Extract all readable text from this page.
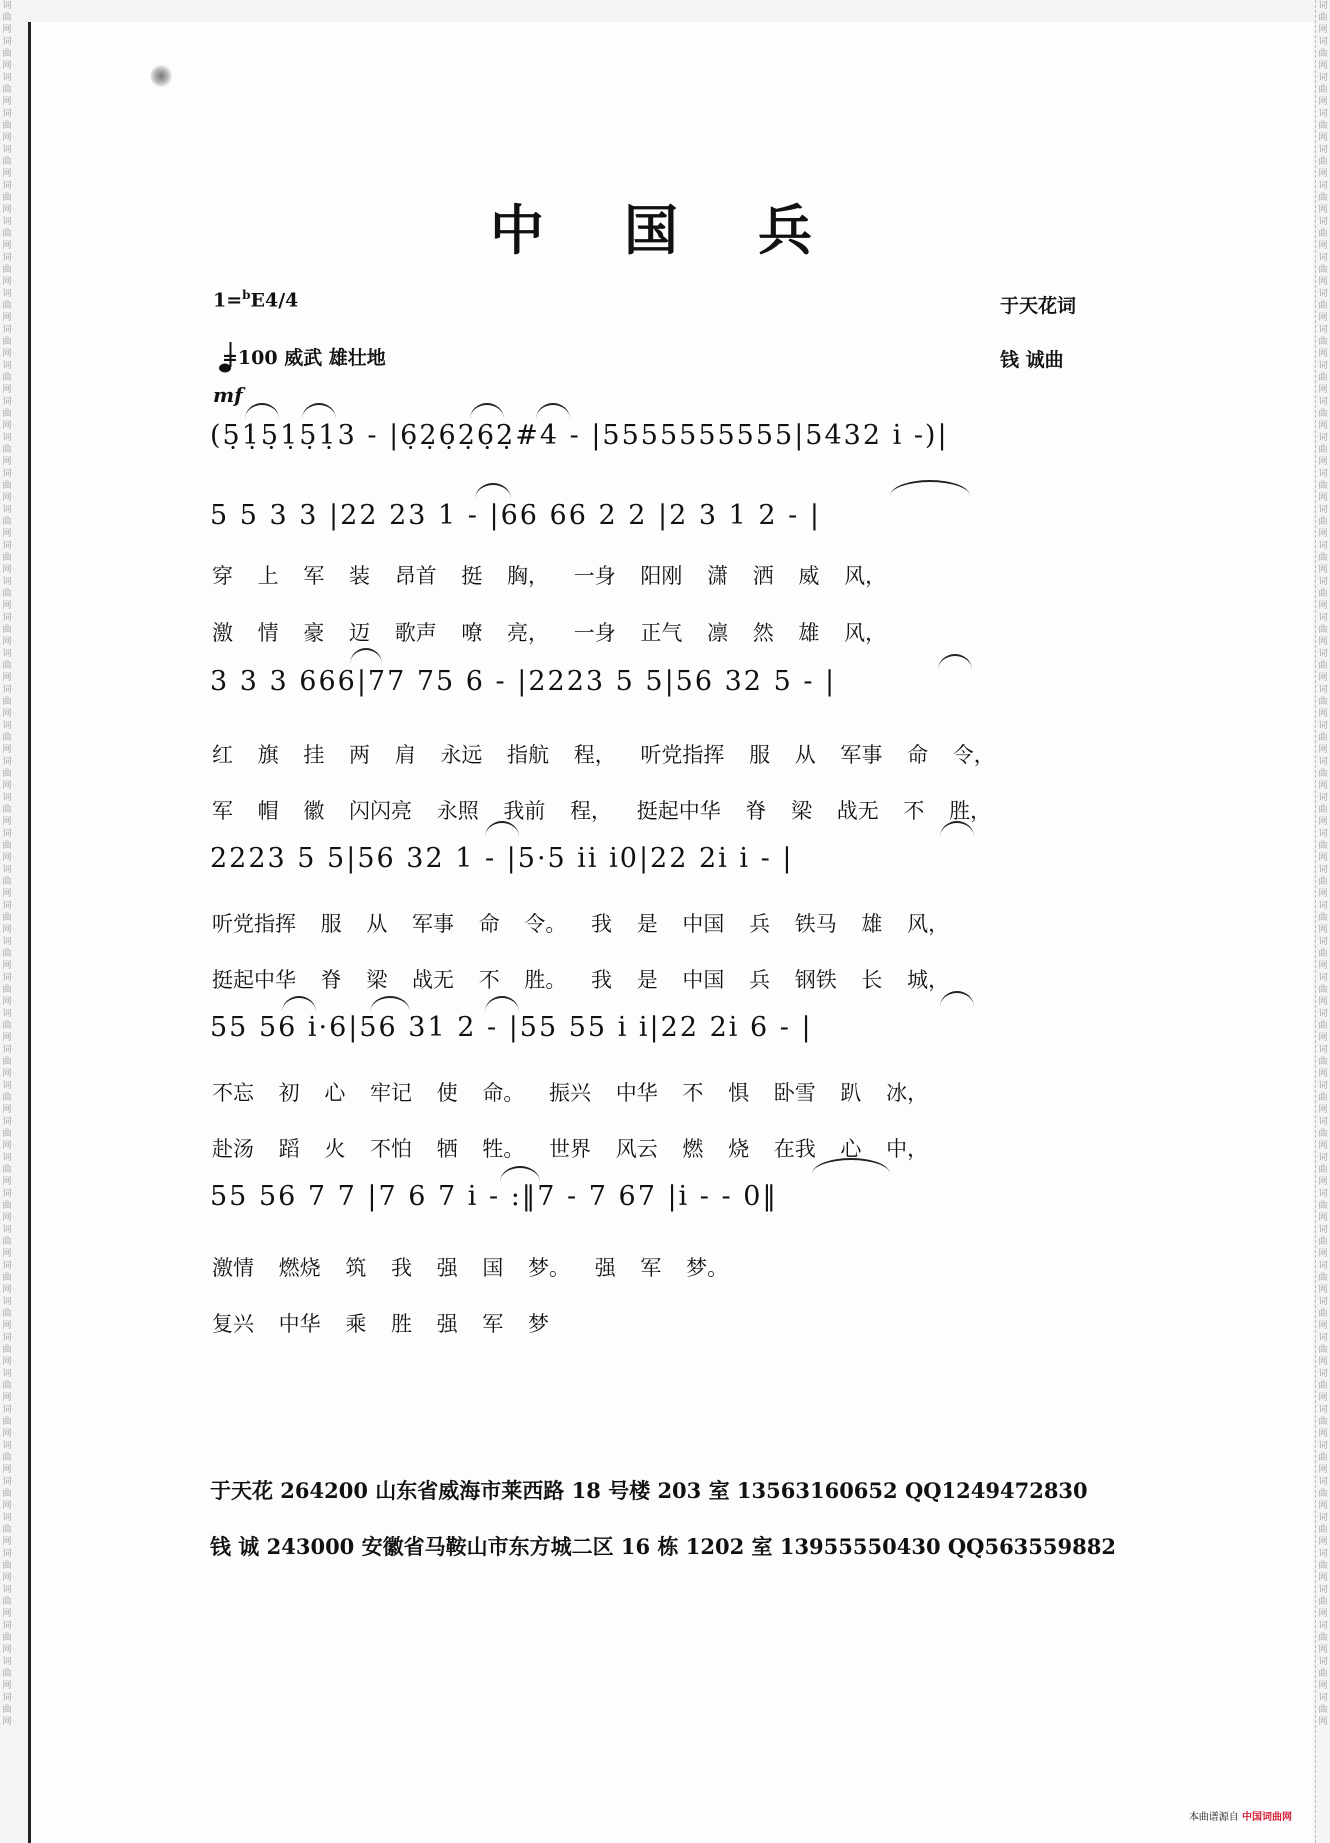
词曲网词曲网词曲网词曲网词曲网词曲网词曲网词曲网词曲网词曲网词曲网词曲网词曲网词曲网词曲网词曲网词曲网词曲网词曲网词曲网词曲网词曲网词曲网词曲网词曲网词曲网词曲网词曲网词曲网词曲网词曲网词曲网词曲网词曲网词曲网词曲网词曲网词曲网词曲网词曲网词曲网词曲网词曲网词曲网词曲网词曲网词曲网词曲网
词曲网词曲网词曲网词曲网词曲网词曲网词曲网词曲网词曲网词曲网词曲网词曲网词曲网词曲网词曲网词曲网词曲网词曲网词曲网词曲网词曲网词曲网词曲网词曲网词曲网词曲网词曲网词曲网词曲网词曲网词曲网词曲网词曲网词曲网词曲网词曲网词曲网词曲网词曲网词曲网词曲网词曲网词曲网词曲网词曲网词曲网词曲网词曲网
中国兵
1=$^b$E4/4
=100 威武 雄壮地
于天花词
钱 诚曲
mf
(5̣1̣5̣1̣5̣1̣3 - |6̣2̣6̣2̣6̣2̣#4 - |5555555555|5432 i -)|
5 5 3 3 |22 23 1 - |66 66 2 2 |2 3 1 2 - |
3 3 3 666|77 75 6 - |2223 5 5|56 32 5 - |
2223 5 5|56 32 1 - |5·5 ii i0|22 2i i - |
55 56 i·6|56 31 2 - |55 55 i i|22 2i 6 - |
55 56 7 7 |7 6 7 i - :‖7 - 7 67 |i - - 0‖
穿 上 军 装 昂首 挺 胸， 一身 阳刚 潇 洒 威 风，
激 情 豪 迈 歌声 嘹 亮， 一身 正气 凛 然 雄 风，
红 旗 挂 两 肩 永远 指航 程， 听党指挥 服 从 军事 命 令，
军 帽 徽 闪闪亮 永照 我前 程， 挺起中华 脊 梁 战无 不 胜，
听党指挥 服 从 军事 命 令。 我 是 中国 兵 铁马 雄 风，
挺起中华 脊 梁 战无 不 胜。 我 是 中国 兵 钢铁 长 城，
不忘 初 心 牢记 使 命。 振兴 中华 不 惧 卧雪 趴 冰，
赴汤 蹈 火 不怕 牺 牲。 世界 风云 燃 烧 在我 心 中，
激情 燃烧 筑 我 强 国 梦。 强 军 梦。
复兴 中华 乘 胜 强 军 梦
于天花 264200 山东省威海市莱西路 18 号楼 203 室 13563160652 QQ1249472830
钱 诚 243000 安徽省马鞍山市东方城二区 16 栋 1202 室 13955550430 QQ563559882
本曲谱源自 中国词曲网
